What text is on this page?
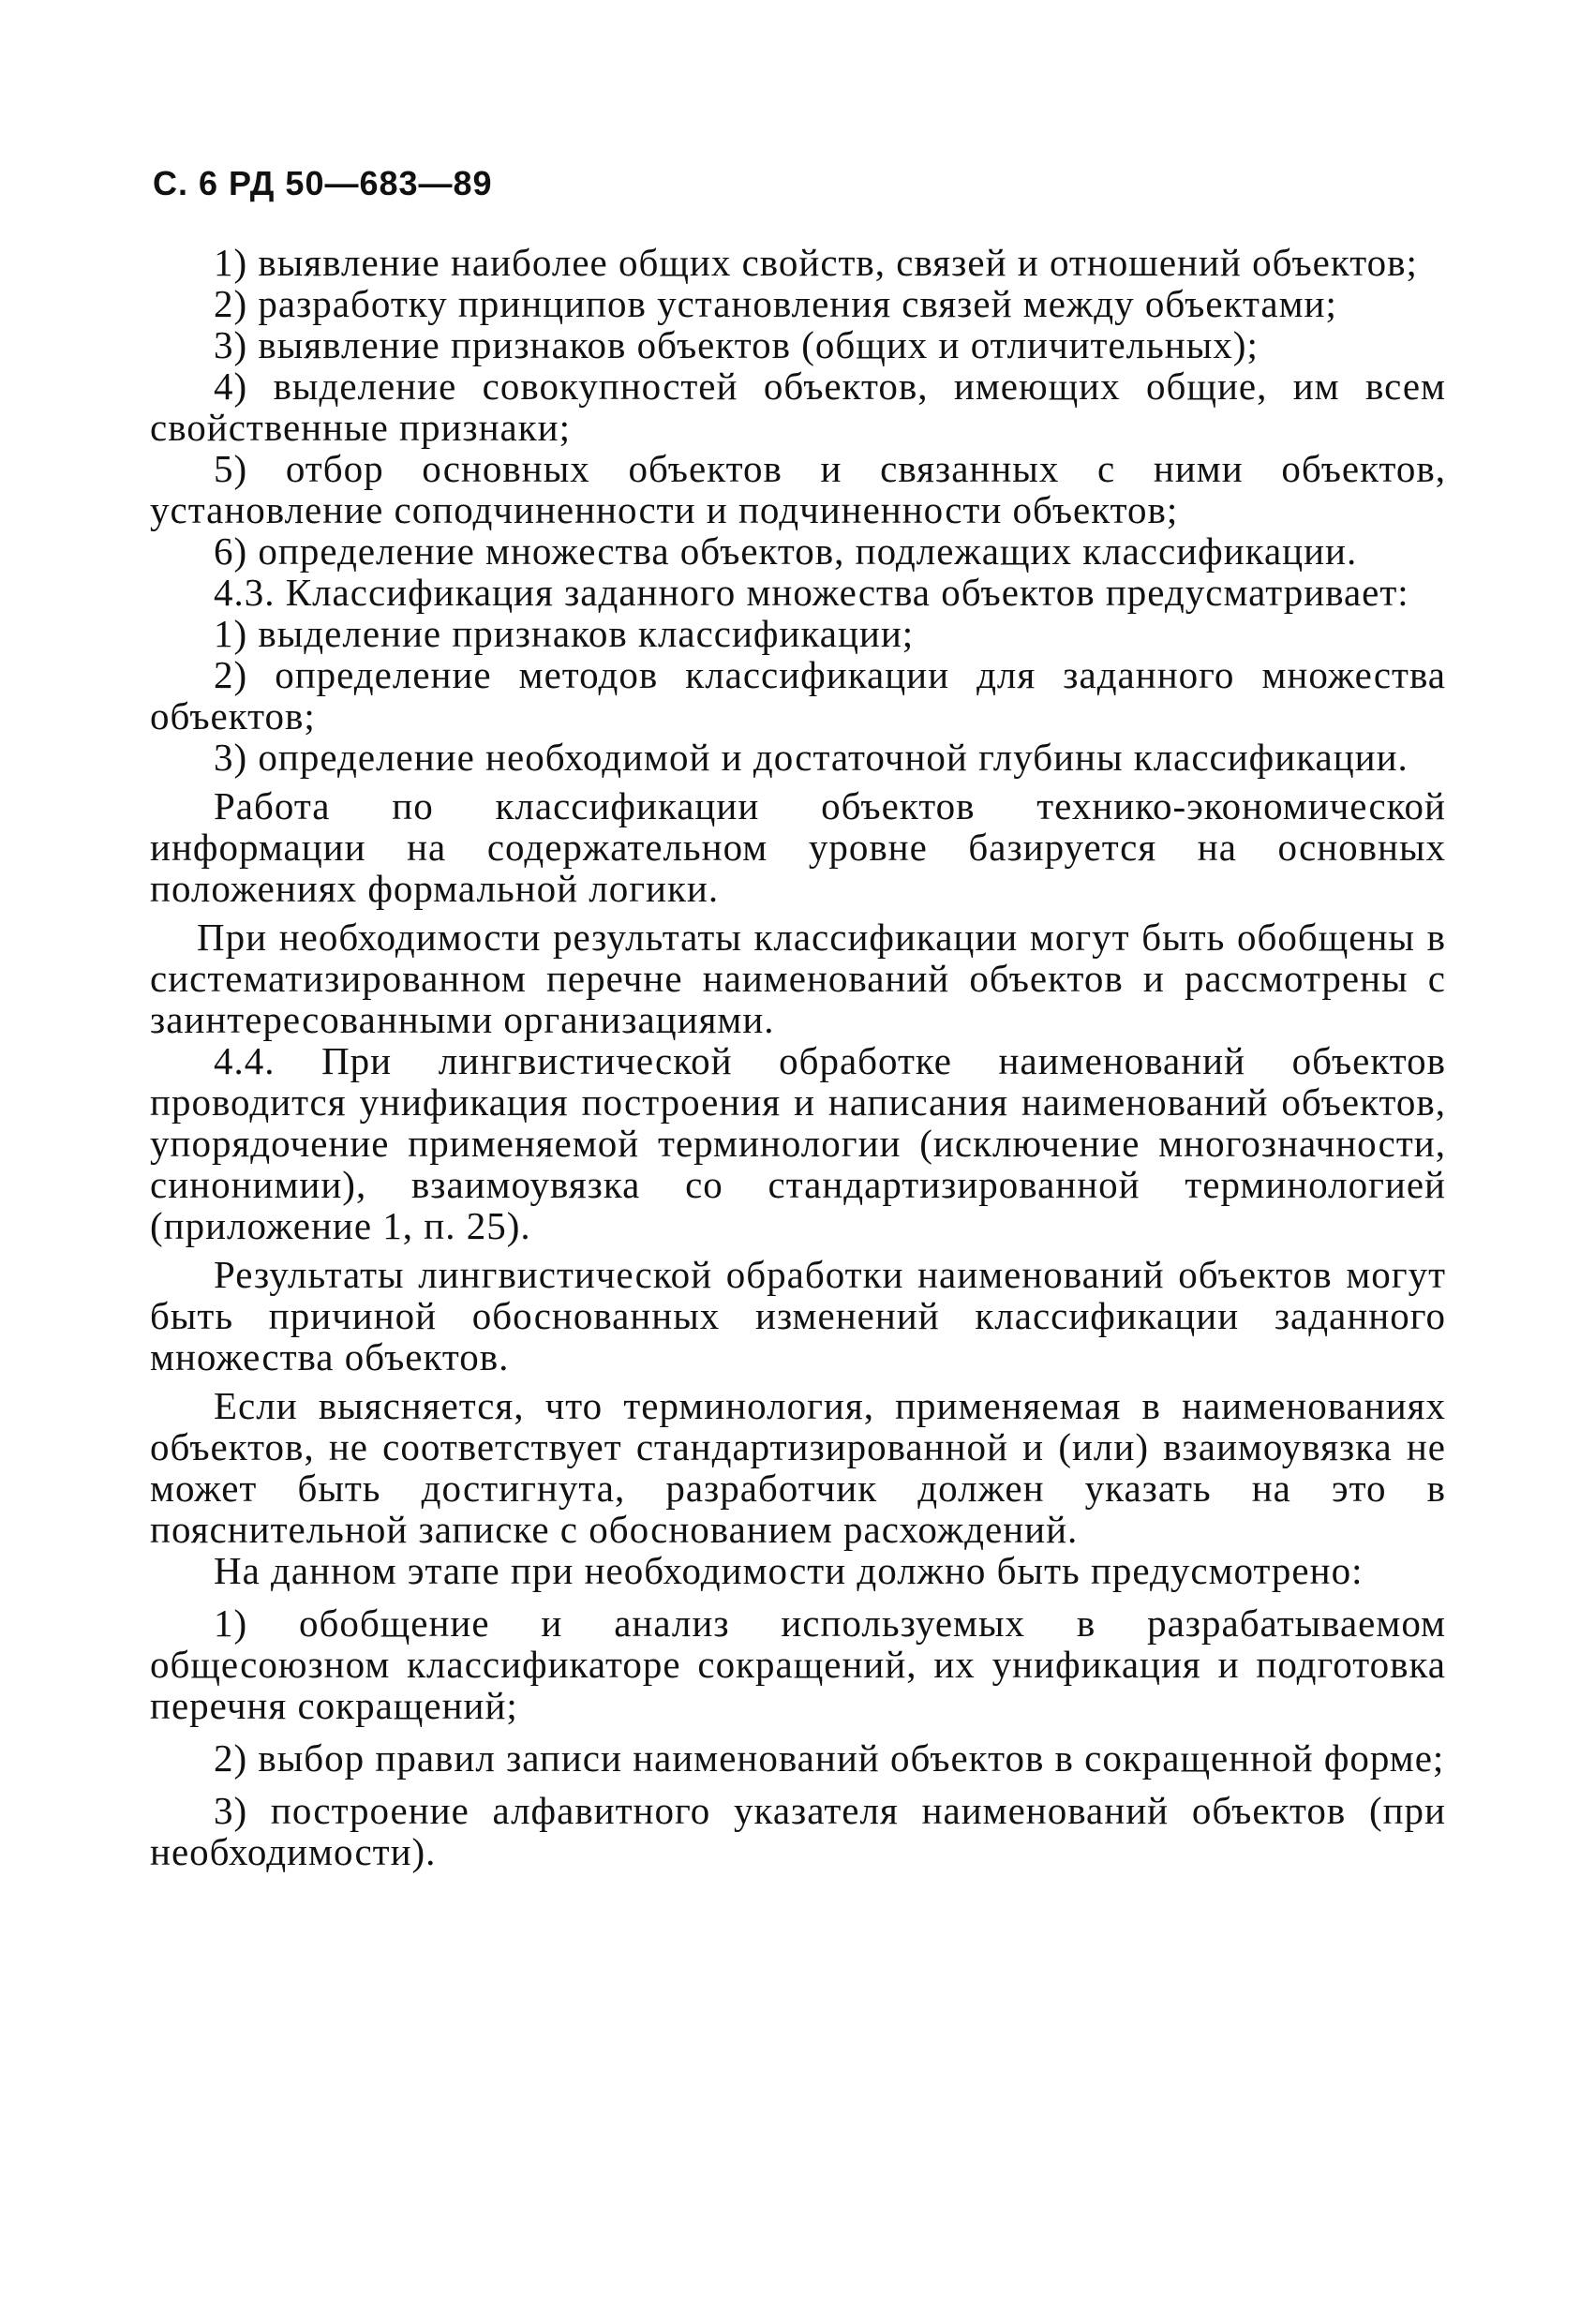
С. 6 РД 50—683—89

1) выявление наиболее общих свойств, связей и отношений объектов;

2) разработку принципов установления связей между объектами;

3) выявление признаков объектов (общих и отличительных);

4) выделение совокупностей объектов, имеющих общие, им всем свойственные признаки;

5) отбор основных объектов и связанных с ними объектов, установление соподчиненности и подчиненности объектов;

6) определение множества объектов, подлежащих классификации.

4.3. Классификация заданного множества объектов предусматривает:

1) выделение признаков классификации;

2) определение методов классификации для заданного множества объектов;

3) определение необходимой и достаточной глубины классификации.

Работа по классификации объектов технико-экономической информации на содержательном уровне базируется на основных положениях формальной логики.

При необходимости результаты классификации могут быть обобщены в систематизированном перечне наименований объектов и рассмотрены с заинтересованными организациями.

4.4. При лингвистической обработке наименований объектов проводится унификация построения и написания наименований объектов, упорядочение применяемой терминологии (исключение многозначности, синонимии), взаимоувязка со стандартизированной терминологией (приложение 1, п. 25).

Результаты лингвистической обработки наименований объектов могут быть причиной обоснованных изменений классификации заданного множества объектов.

Если выясняется, что терминология, применяемая в наименованиях объектов, не соответствует стандартизированной и (или) взаимоувязка не может быть достигнута, разработчик должен указать на это в пояснительной записке с обоснованием расхождений.

На данном этапе при необходимости должно быть предусмотрено:

1) обобщение и анализ используемых в разрабатываемом общесоюзном классификаторе сокращений, их унификация и подготовка перечня сокращений;

2) выбор правил записи наименований объектов в сокращенной форме;

3) построение алфавитного указателя наименований объектов (при необходимости).
